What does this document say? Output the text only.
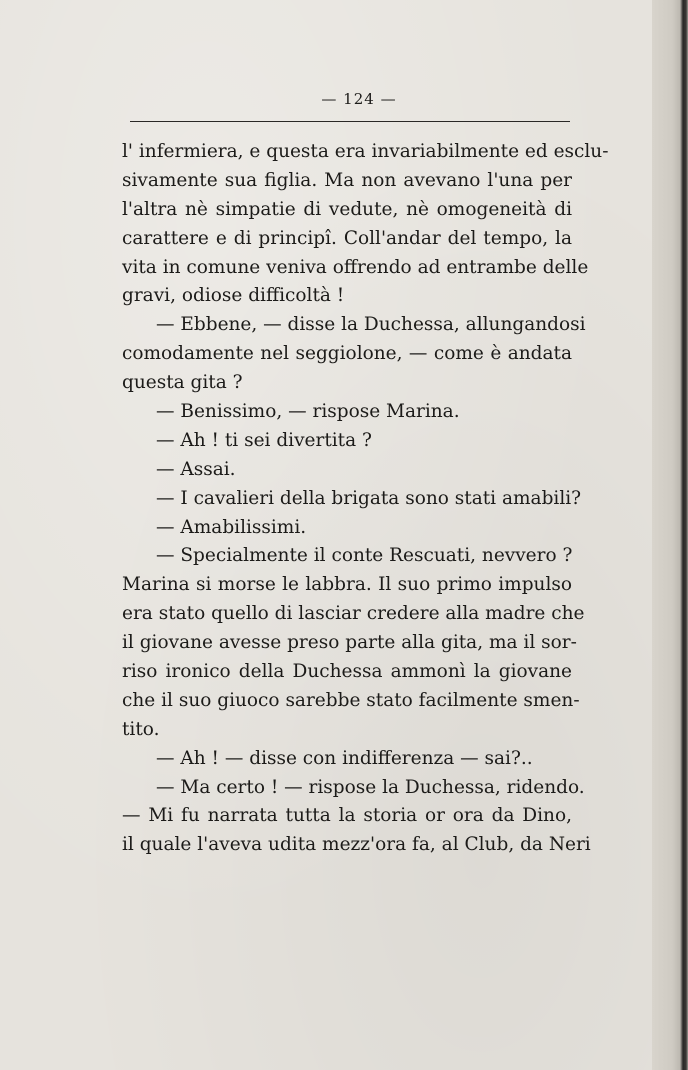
— 124 —
l' infermiera, e questa era invariabilmente ed esclu-
sivamente sua figlia. Ma non avevano l'una per
l'altra nè simpatie di vedute, nè omogeneità di
carattere e di principî. Coll'andar del tempo, la
vita in comune veniva offrendo ad entrambe delle
gravi, odiose difficoltà !
— Ebbene, — disse la Duchessa, allungandosi
comodamente nel seggiolone, — come è andata
questa gita ?
— Benissimo, — rispose Marina.
— Ah ! ti sei divertita ?
— Assai.
— I cavalieri della brigata sono stati amabili?
— Amabilissimi.
— Specialmente il conte Rescuati, nevvero ?
Marina si morse le labbra. Il suo primo impulso
era stato quello di lasciar credere alla madre che
il giovane avesse preso parte alla gita, ma il sor-
riso ironico della Duchessa ammonì la giovane
che il suo giuoco sarebbe stato facilmente smen-
tito.
— Ah ! — disse con indifferenza — sai?..
— Ma certo ! — rispose la Duchessa, ridendo.
— Mi fu narrata tutta la storia or ora da Dino,
il quale l'aveva udita mezz'ora fa, al Club, da Neri
